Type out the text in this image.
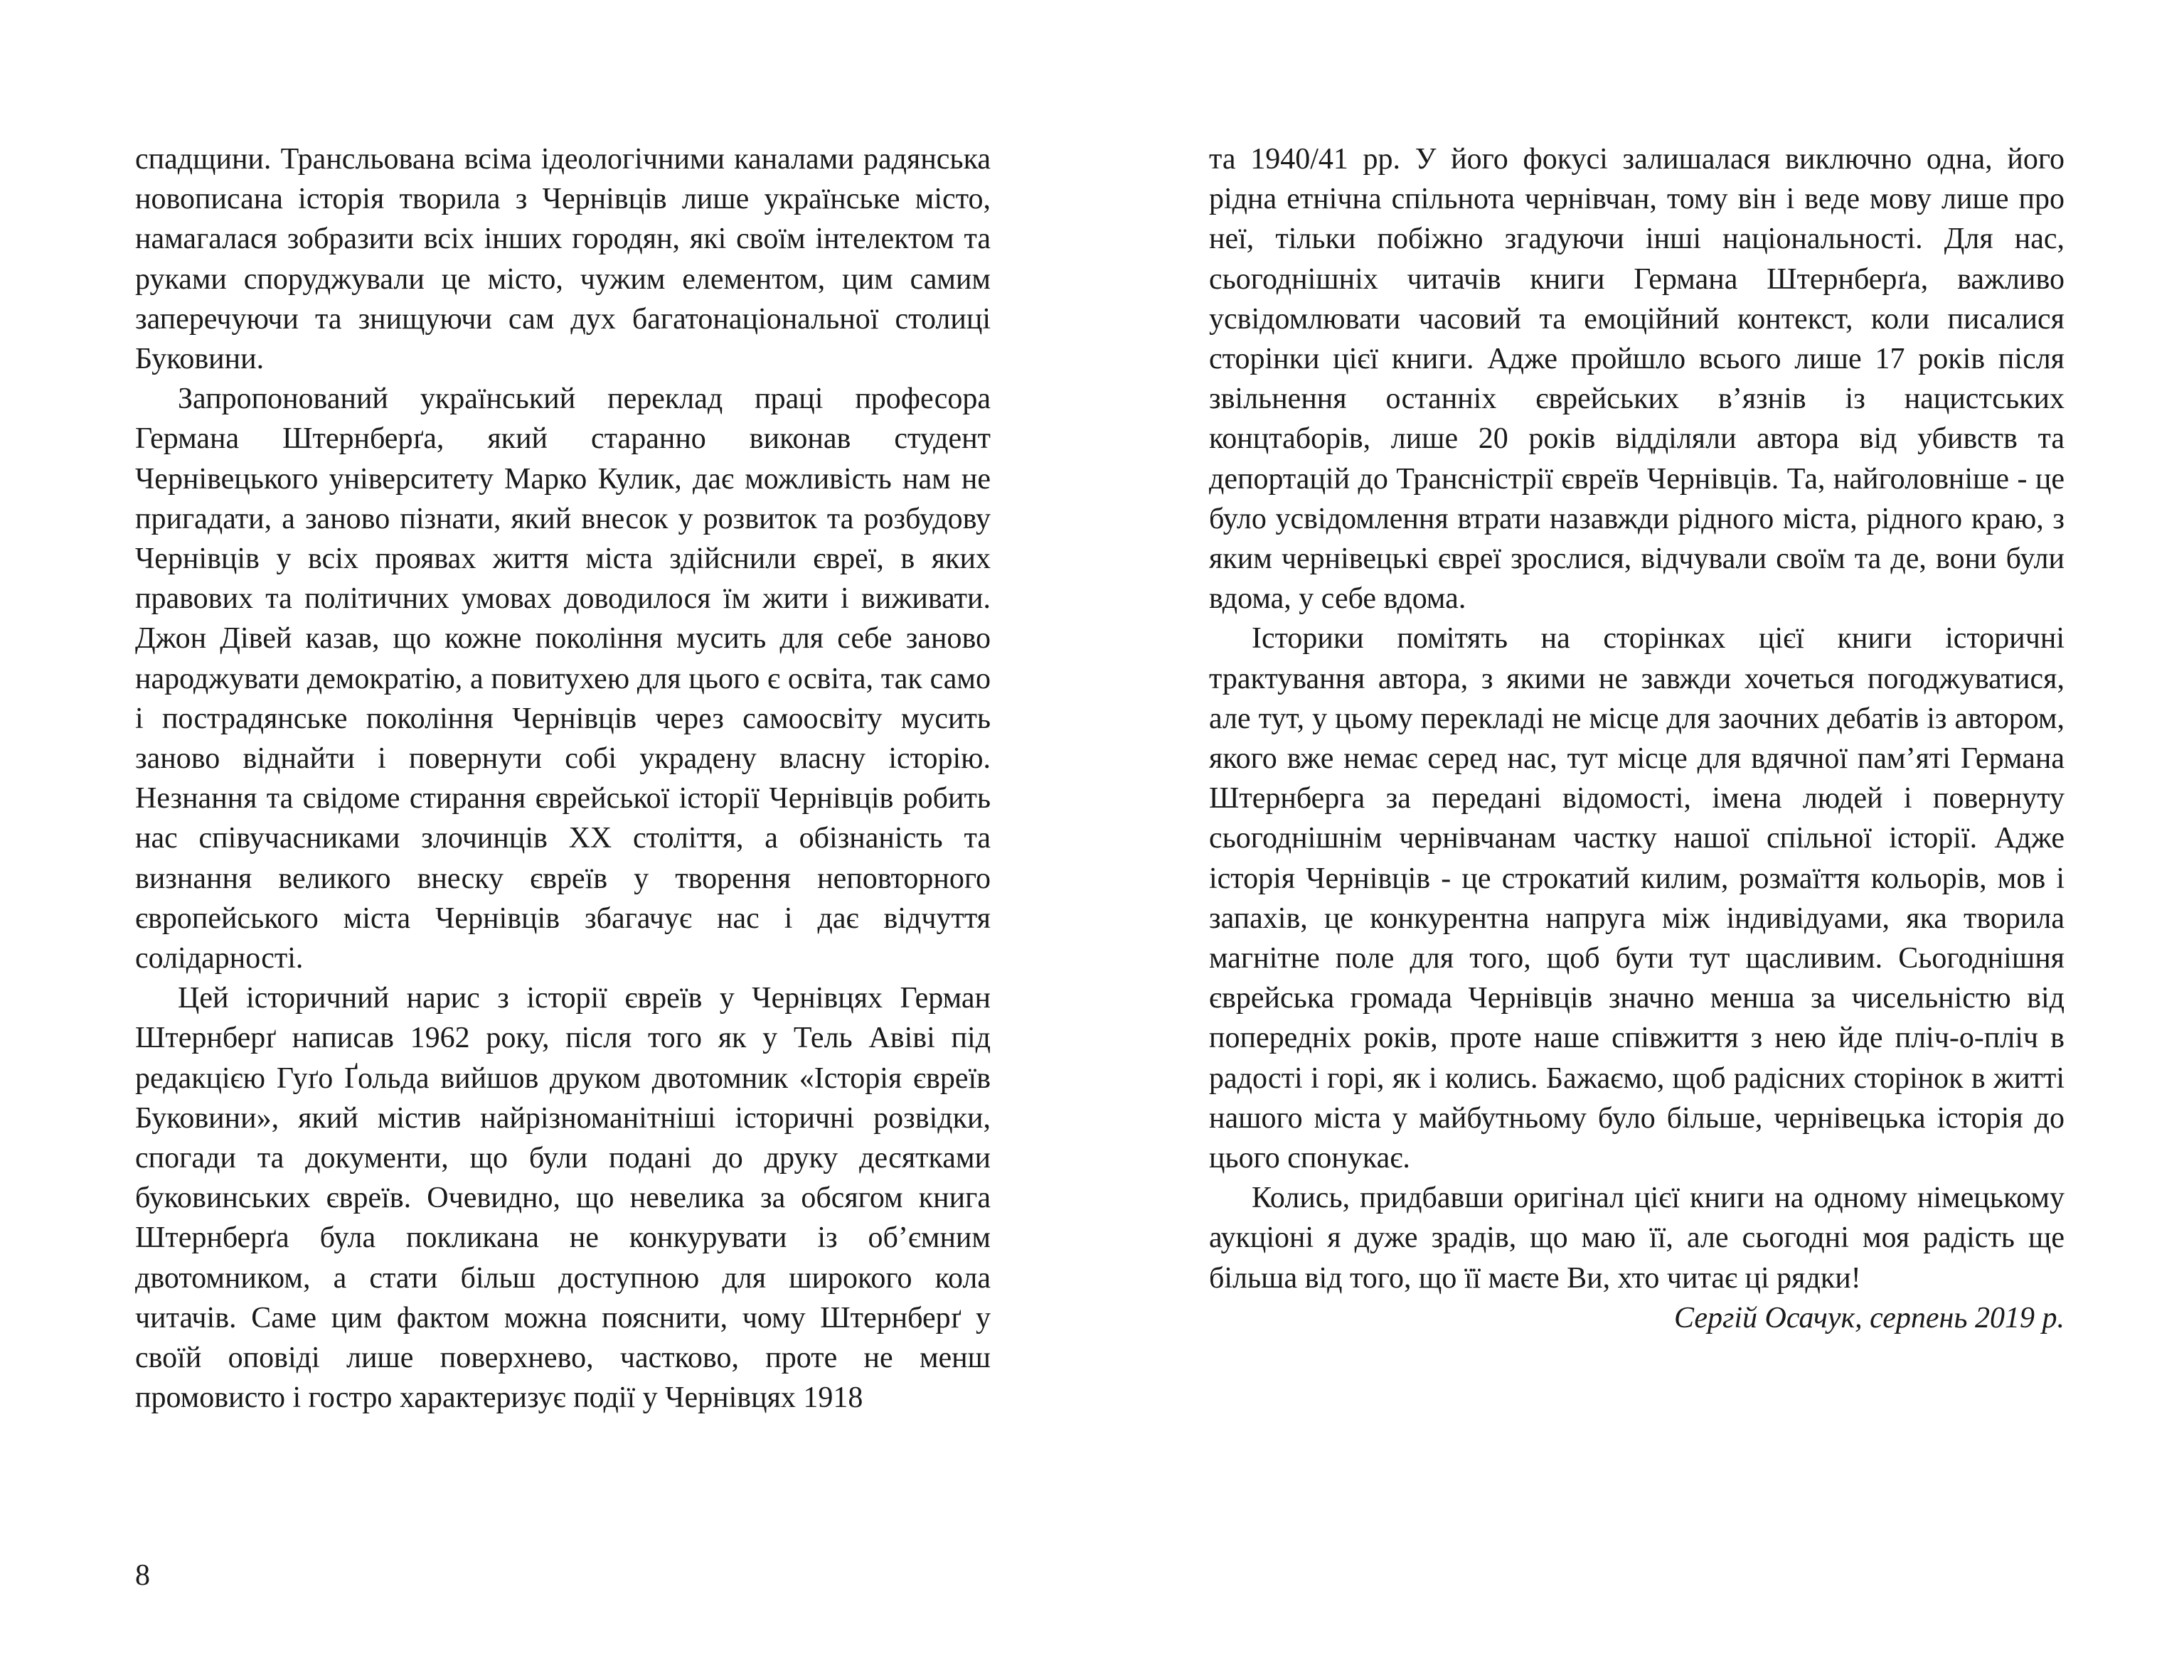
спадщини. Трансльована всіма ідеологічними каналами радянська новописана історія творила з Чернівців лише українське місто, намагалася зобразити всіх інших городян, які своїм інтелектом та руками споруджували це місто, чужим елементом, цим самим заперечуючи та знищуючи сам дух багатонаціональної столиці Буковини.

Запропонований український переклад праці професора Германа Штернберґа, який старанно виконав студент Чернівецького університету Марко Кулик, дає можливість нам не пригадати, а заново пізнати, який внесок у розвиток та розбудову Чернівців у всіх проявах життя міста здійснили євреї, в яких правових та політичних умовах доводилося їм жити і виживати. Джон Дівей казав, що кожне покоління мусить для себе заново народжувати демократію, а повитухею для цього є освіта, так само і пострадянське покоління Чернівців через самоосвіту мусить заново віднайти і повернути собі украдену власну історію. Незнання та свідоме стирання єврейської історії Чернівців робить нас співучасниками злочинців XX століття, а обізнаність та визнання великого внеску євреїв у творення неповторного європейського міста Чернівців збагачує нас і дає відчуття солідарності.

Цей історичний нарис з історії євреїв у Чернівцях Герман Штернберґ написав 1962 року, після того як у Тель Авіві під редакцією Гуґо Ґольда вийшов друком двотомник «Історія євреїв Буковини», який містив найрізноманітніші історичні розвідки, спогади та документи, що були подані до друку десятками буковинських євреїв. Очевидно, що невелика за обсягом книга Штернберґа була покликана не конкурувати із об’ємним двотомником, а стати більш доступною для широкого кола читачів. Саме цим фактом можна пояснити, чому Штернберґ у своїй оповіді лише поверхнево, частково, проте не менш промовисто і гостро характеризує події у Чернівцях 1918

8

та 1940/41 рр. У його фокусі залишалася виключно одна, його рідна етнічна спільнота чернівчан, тому він і веде мову лише про неї, тільки побіжно згадуючи інші національності. Для нас, сьогоднішніх читачів книги Германа Штернберґа, важливо усвідомлювати часовий та емоційний контекст, коли писалися сторінки цієї книги. Адже пройшло всього лише 17 років після звільнення останніх єврейських в’язнів із нацистських концтаборів, лише 20 років відділяли автора від убивств та депортацій до Трансністрії євреїв Чернівців. Та, найголовніше - це було усвідомлення втрати назавжди рідного міста, рідного краю, з яким чернівецькі євреї зрослися, відчували своїм та де, вони були вдома, у себе вдома.

Історики помітять на сторінках цієї книги історичні трактування автора, з якими не завжди хочеться погоджуватися, але тут, у цьому перекладі не місце для заочних дебатів із автором, якого вже немає серед нас, тут місце для вдячної пам’яті Германа Штернберга за передані відомості, імена людей і повернуту сьогоднішнім чернівчанам частку нашої спільної історії. Адже історія Чернівців - це строкатий килим, розмаїття кольорів, мов і запахів, це конкурентна напруга між індивідуами, яка творила магнітне поле для того, щоб бути тут щасливим. Сьогоднішня єврейська громада Чернівців значно менша за чисельністю від попередніх років, проте наше співжиття з нею йде пліч-о-пліч в радості і горі, як і колись. Бажаємо, щоб радісних сторінок в житті нашого міста у майбутньому було більше, чернівецька історія до цього спонукає.

Колись, придбавши оригінал цієї книги на одному німецькому аукціоні я дуже зрадів, що маю її, але сьогодні моя радість ще більша від того, що її маєте Ви, хто читає ці рядки!

Сергій Осачук, серпень 2019 р.
